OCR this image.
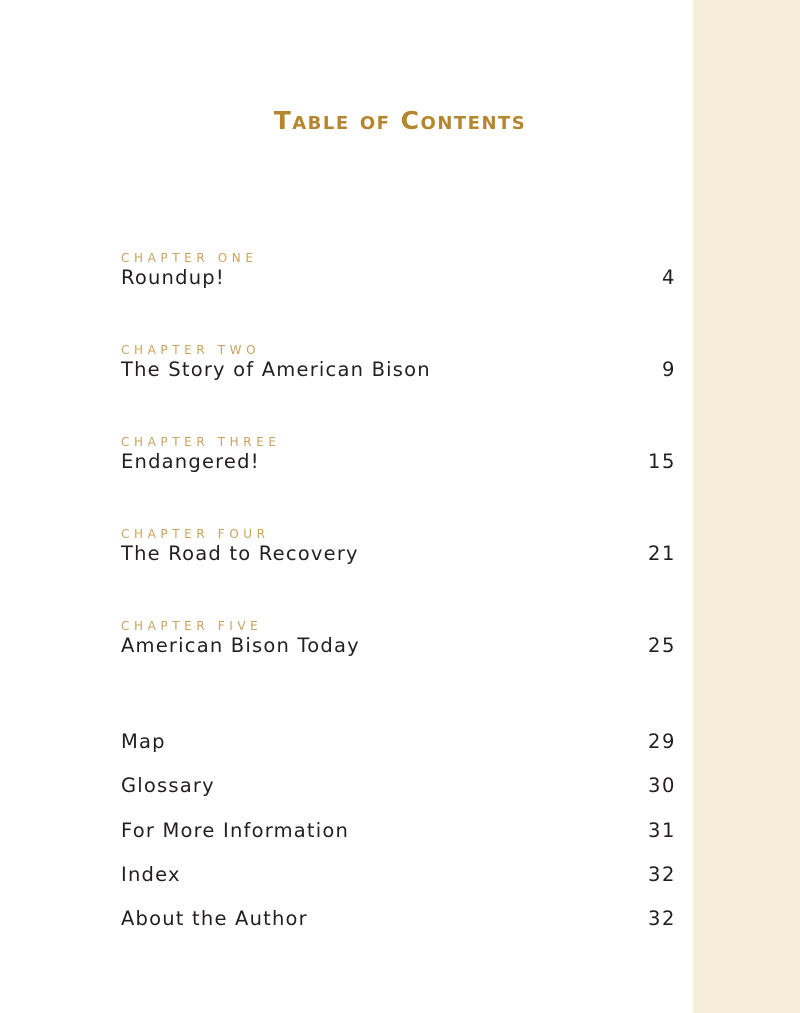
Table of Contents
CHAPTER ONE
Roundup!	4
CHAPTER TWO
The Story of American Bison	9
CHAPTER THREE
Endangered!	15
CHAPTER FOUR
The Road to Recovery	21
CHAPTER FIVE
American Bison Today	25
Map	29
Glossary	30
For More Information	31
Index	32
About the Author	32
